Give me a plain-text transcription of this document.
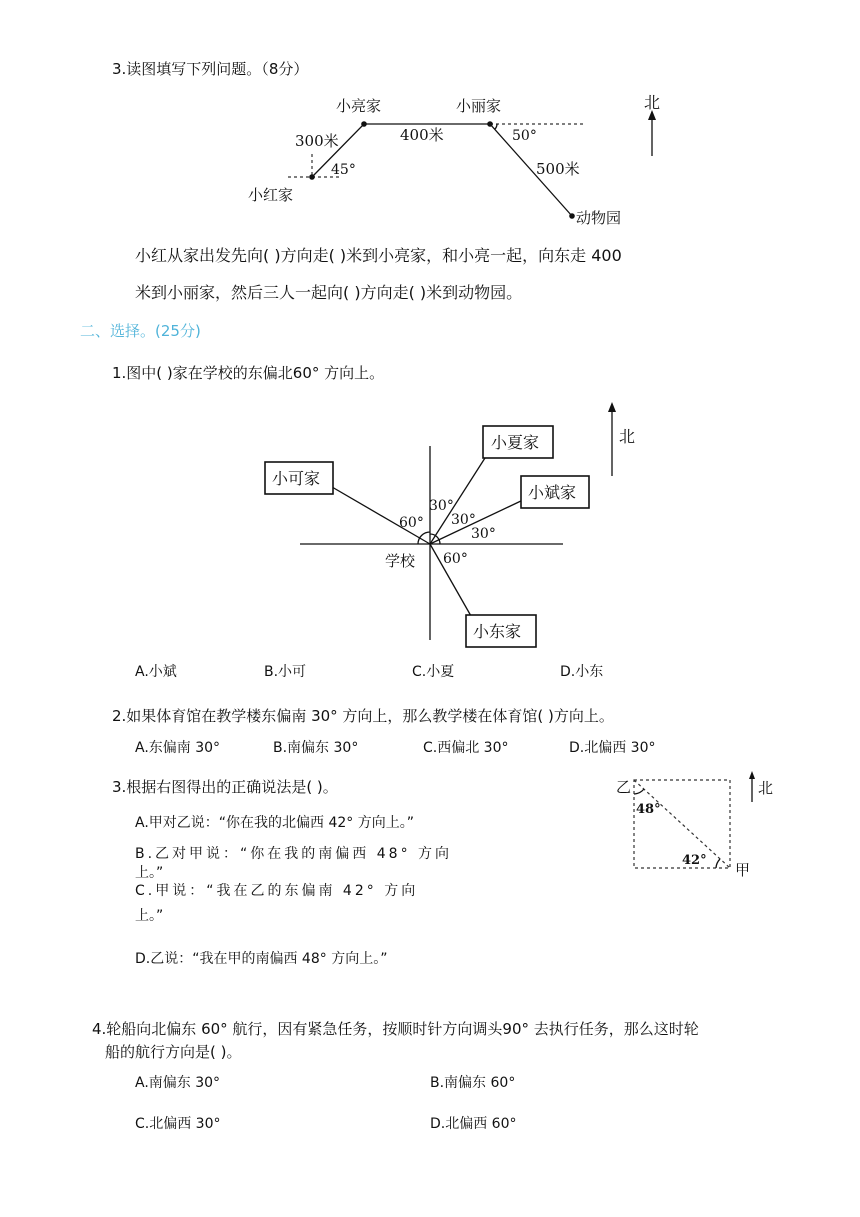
3.读图填写下列问题。（8分）
小亮家	小丽家
小红家
动物园
300米	400米
500米
45°
50°
北
小红从家出发先向( )方向走( )米到小亮家，和小亮一起，向东走 400
米到小丽家，然后三人一起向( )方向走( )米到动物园。
二、选择。(25分)
1.图中( )家在学校的东偏北60° 方向上。
小夏家
小可家
小斌家
小东家
学校
60°
30°
30°
30°
60°
北
A.小斌	B.小可	C.小夏	D.小东
2.如果体育馆在教学楼东偏南 30° 方向上，那么教学楼在体育馆( )方向上。
A.东偏南 30°	B.南偏东 30°	C.西偏北 30°	D.北偏西 30°
3.根据右图得出的正确说法是( )。
A.甲对乙说：“你在我的北偏西 42° 方向上。”
B.乙对甲说：“你在我的南偏西 48° 方向
上。”
C.甲说：“我在乙的东偏南 42° 方向
上。”
D.乙说：“我在甲的南偏西 48° 方向上。”
乙
甲
48°
42°
北
4.轮船向北偏东 60° 航行，因有紧急任务，按顺时针方向调头90° 去执行任务，那么这时轮
船的航行方向是( )。
A.南偏东 30°	B.南偏东 60°
C.北偏西 30°	D.北偏西 60°
